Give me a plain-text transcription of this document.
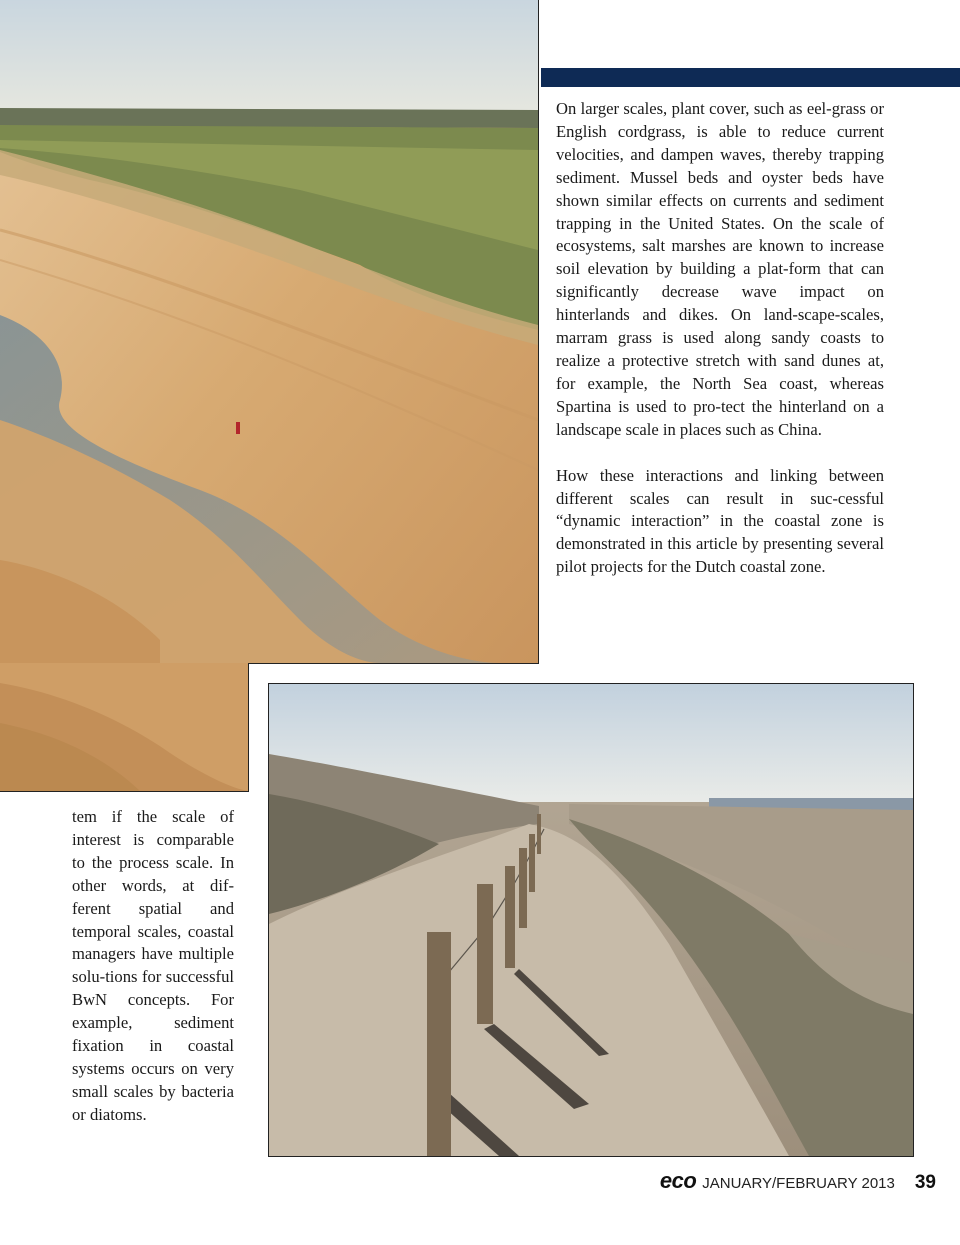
On larger scales, plant cover, such as eel-grass or English cordgrass, is able to reduce current velocities, and dampen waves, thereby trapping sediment. Mussel beds and oyster beds have shown similar effects on currents and sediment trapping in the United States. On the scale of ecosystems, salt marshes are known to increase soil elevation by building a plat-form that can significantly decrease wave impact on hinterlands and dikes. On land-scape-scales, marram grass is used along sandy coasts to realize a protective stretch with sand dunes at, for example, the North Sea coast, whereas Spartina is used to pro-tect the hinterland on a landscape scale in places such as China.

How these interactions and linking between different scales can result in suc-cessful “dynamic interaction” in the coastal zone is demonstrated in this article by presenting several pilot projects for the Dutch coastal zone.

tem if the scale of interest is comparable to the process scale. In other words, at dif-ferent spatial and temporal scales, coastal managers have multiple solu-tions for successful BwN concepts. For example, sediment fixation in coastal systems occurs on very small scales by bacteria or diatoms.

eco JANUARY/FEBRUARY 2013 39
